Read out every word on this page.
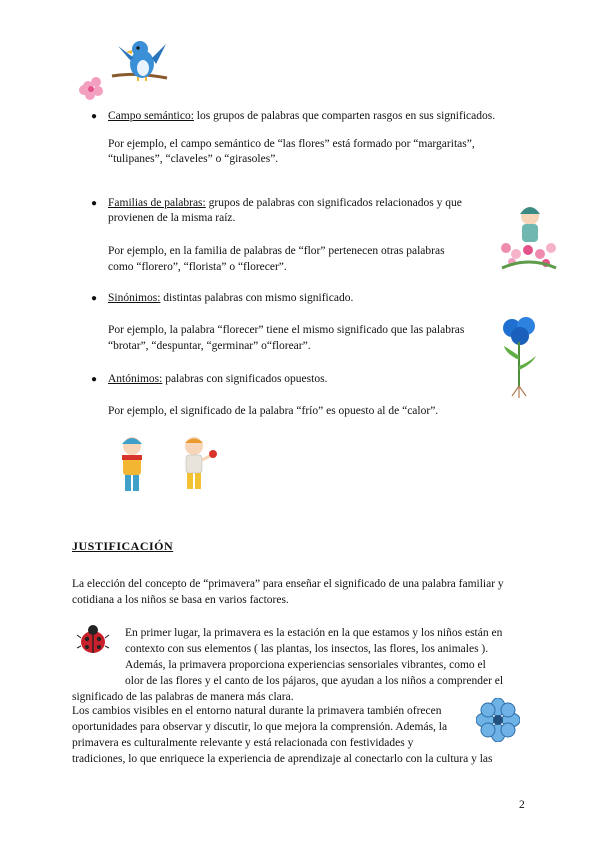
● Campo semántico: los grupos de palabras que comparten rasgos en sus significados.
Por ejemplo, el campo semántico de “las flores” está formado por “margaritas”,
“tulipanes”, “claveles” o “girasoles”.
● Familias de palabras: grupos de palabras con significados relacionados y que
provienen de la misma raíz.
Por ejemplo, en la familia de palabras de “flor” pertenecen otras palabras
como “florero”, “florista” o “florecer”.
● Sinónimos: distintas palabras con mismo significado.
Por ejemplo, la palabra “florecer” tiene el mismo significado que las palabras
“brotar”, “despuntar, “germinar” o“florear”.
● Antónimos: palabras con significados opuestos.
Por ejemplo, el significado de la palabra “frío” es opuesto al de “calor”.
JUSTIFICACIÓN
La elección del concepto de “primavera” para enseñar el significado de una palabra familiar y
cotidiana a los niños se basa en varios factores.
En primer lugar, la primavera es la estación en la que estamos y los niños están en
contexto con sus elementos ( las plantas, los insectos, las flores, los animales ).
Además, la primavera proporciona experiencias sensoriales vibrantes, como el
olor de las flores y el canto de los pájaros, que ayudan a los niños a comprender el
significado de las palabras de manera más clara.
Los cambios visibles en el entorno natural durante la primavera también ofrecen
oportunidades para observar y discutir, lo que mejora la comprensión. Además, la
primavera es culturalmente relevante y está relacionada con festividades y
tradiciones, lo que enriquece la experiencia de aprendizaje al conectarlo con la cultura y las
2
